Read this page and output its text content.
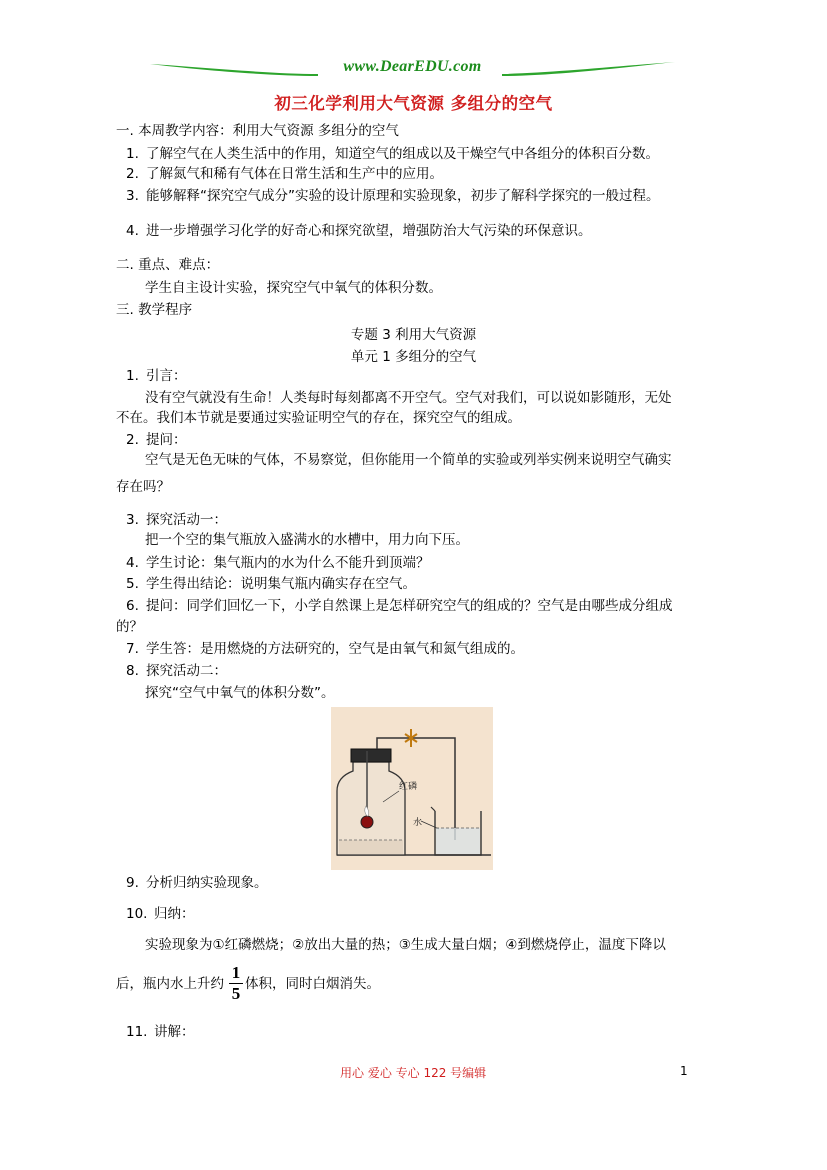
www.DearEDU.com
初三化学利用大气资源 多组分的空气
一. 本周教学内容：利用大气资源 多组分的空气
1. 了解空气在人类生活中的作用，知道空气的组成以及干燥空气中各组分的体积百分数。
2. 了解氮气和稀有气体在日常生活和生产中的应用。
3. 能够解释“探究空气成分”实验的设计原理和实验现象，初步了解科学探究的一般过程。
4. 进一步增强学习化学的好奇心和探究欲望，增强防治大气污染的环保意识。
二. 重点、难点：
学生自主设计实验，探究空气中氧气的体积分数。
三. 教学程序
专题 3 利用大气资源
单元 1 多组分的空气
1. 引言：
没有空气就没有生命！人类每时每刻都离不开空气。空气对我们，可以说如影随形，无处
不在。我们本节就是要通过实验证明空气的存在，探究空气的组成。
2. 提问：
空气是无色无味的气体，不易察觉，但你能用一个简单的实验或列举实例来说明空气确实
存在吗？
3. 探究活动一：
把一个空的集气瓶放入盛满水的水槽中，用力向下压。
4. 学生讨论：集气瓶内的水为什么不能升到顶端？
5. 学生得出结论：说明集气瓶内确实存在空气。
6. 提问：同学们回忆一下，小学自然课上是怎样研究空气的组成的？空气是由哪些成分组成
的？
7. 学生答：是用燃烧的方法研究的，空气是由氧气和氮气组成的。
8. 探究活动二：
探究“空气中氧气的体积分数”。
红磷
水
9. 分析归纳实验现象。
10. 归纳：
实验现象为①红磷燃烧；②放出大量的热；③生成大量白烟；④到燃烧停止，温度下降以
后，瓶内水上升约 $\frac{1}{5}$ 体积，同时白烟消失。
11. 讲解：
用心 爱心 专心 122 号编辑	1
